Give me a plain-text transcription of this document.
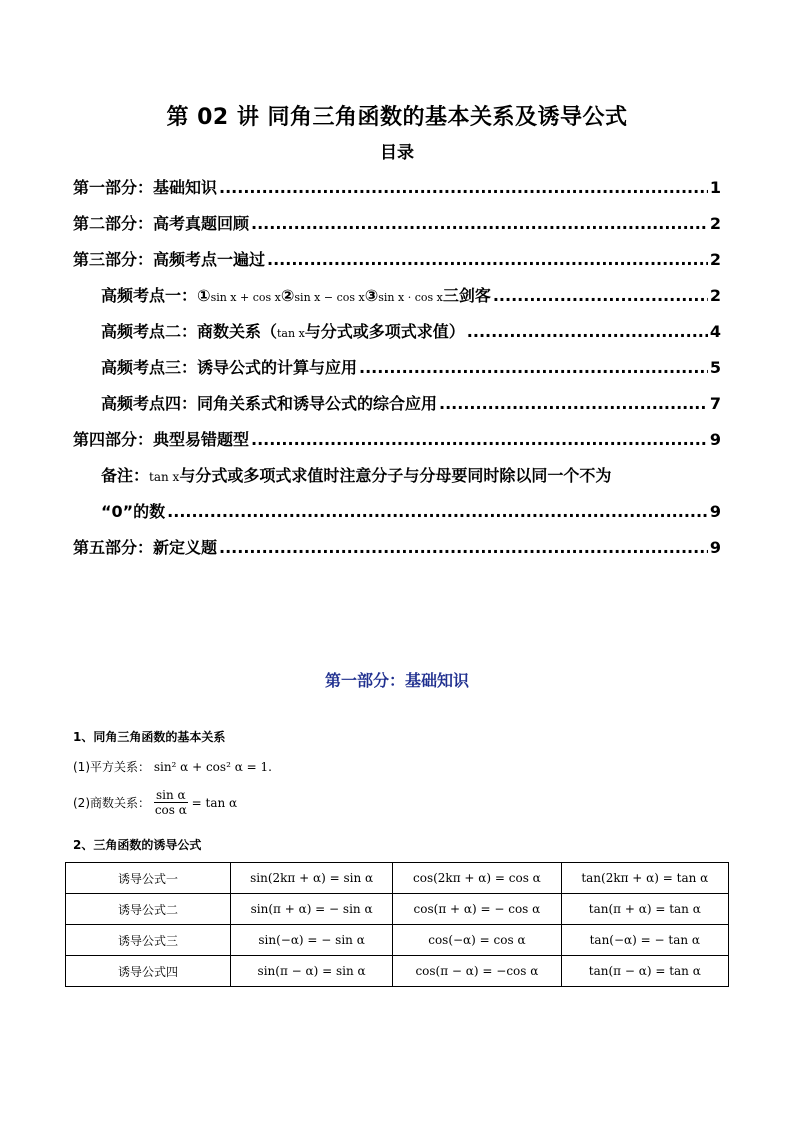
第 02 讲 同角三角函数的基本关系及诱导公式
目录
第一部分：基础知识 .....	1
第二部分：高考真题回顾 .....	2
第三部分：高频考点一遍过 .....	2
高频考点一：①sin x + cos x②sin x − cos x③sin x · cos x三剑客 .....	2
高频考点二：商数关系（tan x与分式或多项式求值） .....	4
高频考点三：诱导公式的计算与应用 .....	5
高频考点四：同角关系式和诱导公式的综合应用 .....	7
第四部分：典型易错题型 .....	9
备注：tan x与分式或多项式求值时注意分子与分母要同时除以同一个不为
“0”的数 .....	9
第五部分：新定义题 .....	9
第一部分：基础知识
1、同角三角函数的基本关系
(1)平方关系： sin² α + cos² α = 1.
(2)商数关系： $\frac{\text{sin α}}{\text{cos α}} = \tan \alpha$
2、三角函数的诱导公式
诱导公式一	sin(2kπ + α) = sin α	cos(2kπ + α) = cos α	tan(2kπ + α) = tan α
诱导公式二	sin(π + α) = − sin α	cos(π + α) = − cos α	tan(π + α) = tan α
诱导公式三	sin(−α) = − sin α	cos(−α) = cos α	tan(−α) = − tan α
诱导公式四	sin(π − α) = sin α	cos(π − α) = −cos α	tan(π − α) = tan α
